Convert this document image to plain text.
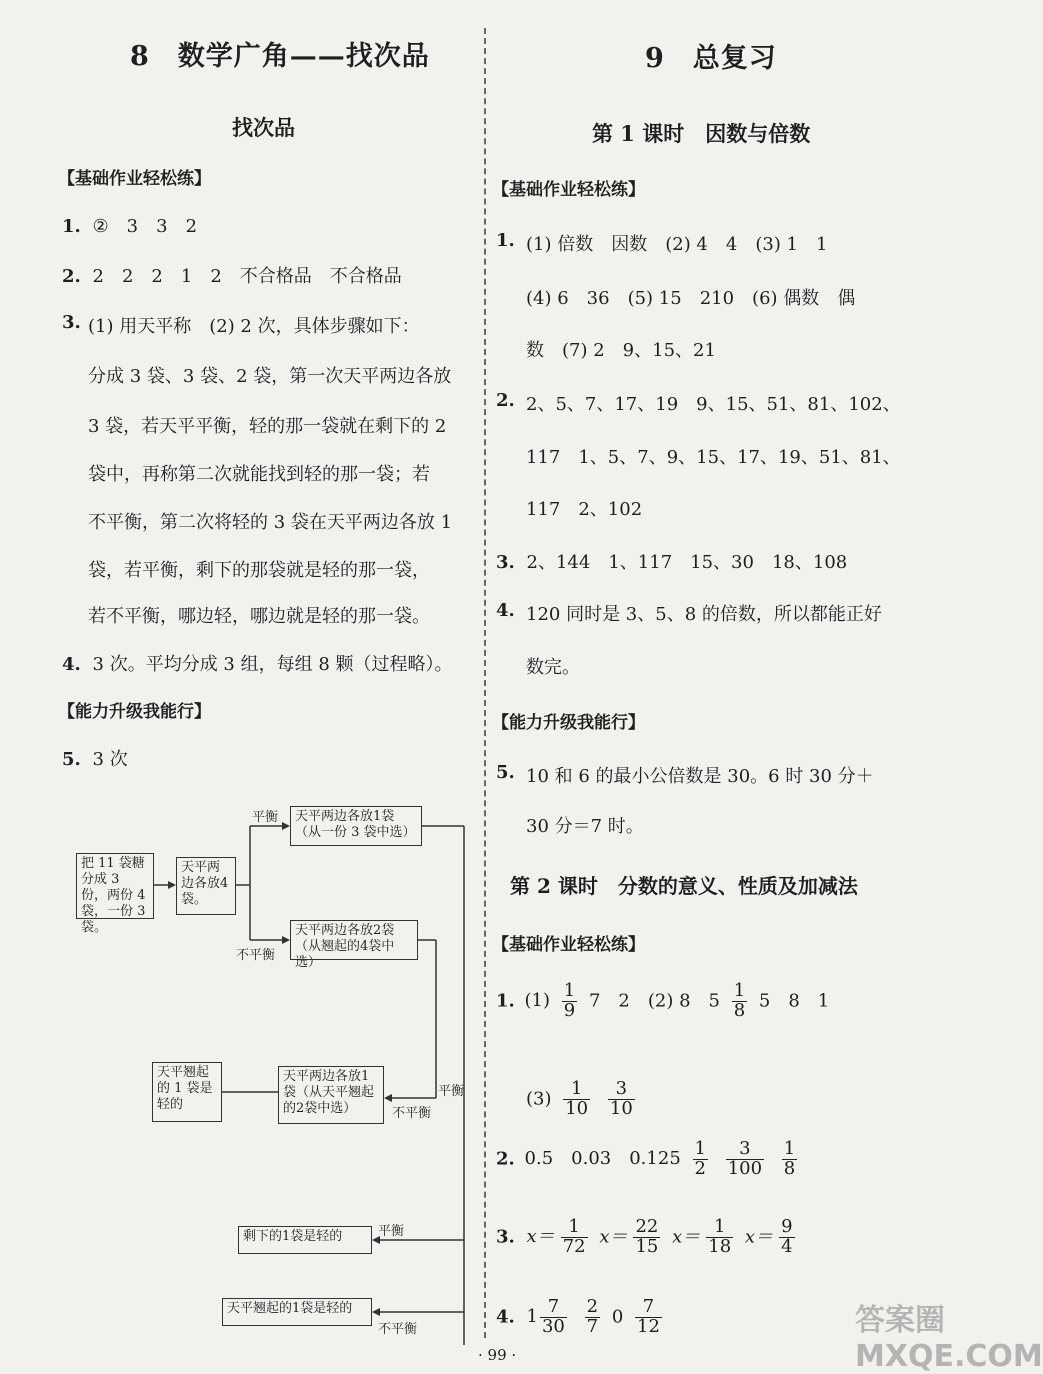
8　数学广角——找次品
找次品
【基础作业轻松练】
1. ②　3　3　2
2. 2　2　2　1　2　不合格品　不合格品
3. (1) 用天平称　(2) 2 次，具体步骤如下：
分成 3 袋、3 袋、2 袋，第一次天平两边各放
3 袋，若天平平衡，轻的那一袋就在剩下的 2
袋中，再称第二次就能找到轻的那一袋；若
不平衡，第二次将轻的 3 袋在天平两边各放 1
袋，若平衡，剩下的那袋就是轻的那一袋，
若不平衡，哪边轻，哪边就是轻的那一袋。
4. 3 次。平均分成 3 组，每组 8 颗（过程略）。
【能力升级我能行】
5. 3 次
把 11 袋糖分成 3 份，两份 4 袋，一份 3 袋。
天平两边各放4袋。
天平两边各放1袋（从一份 3 袋中选）
天平两边各放2袋（从翘起的4袋中选）
天平两边各放1袋（从天平翘起的2袋中选）
天平翘起的 1 袋是轻的
剩下的1袋是轻的
天平翘起的1袋是轻的
平衡
不平衡
平衡
不平衡
平衡
不平衡
9　总复习
第 1 课时　因数与倍数
【基础作业轻松练】
1. (1) 倍数　因数　(2) 4　4　(3) 1　1
(4) 6　36　(5) 15　210　(6) 偶数　偶
数　(7) 2　9、15、21
2. 2、5、7、17、19　9、15、51、81、102、
117　1、5、7、9、15、17、19、51、81、
117　2、102
3. 2、144　1、117　15、30　18、108
4. 120 同时是 3、5、8 的倍数，所以都能正好
数完。
【能力升级我能行】
5. 10 和 6 的最小公倍数是 30。6 时 30 分＋
30 分＝7 时。
第 2 课时　分数的意义、性质及加减法
【基础作业轻松练】
1. $(1) \frac{1}{9} 7$　2　(2) 8　$5 \frac{1}{8} 5$　8　1
$(3) \frac{1}{10}$
$\frac{3}{10}$
2. 0.5　0.03　$0.125 \frac{1}{2}$
$\frac{3}{100}$
$\frac{1}{8}$
3. $x= \frac{1}{72} x= \frac{22}{15} x= \frac{1}{18} x= \frac{9}{4}$
4. $1 \frac{7}{30}$
$\frac{2}{7} 0 \frac{7}{12}$
· 99 ·
答案圈　MXQE.COM
